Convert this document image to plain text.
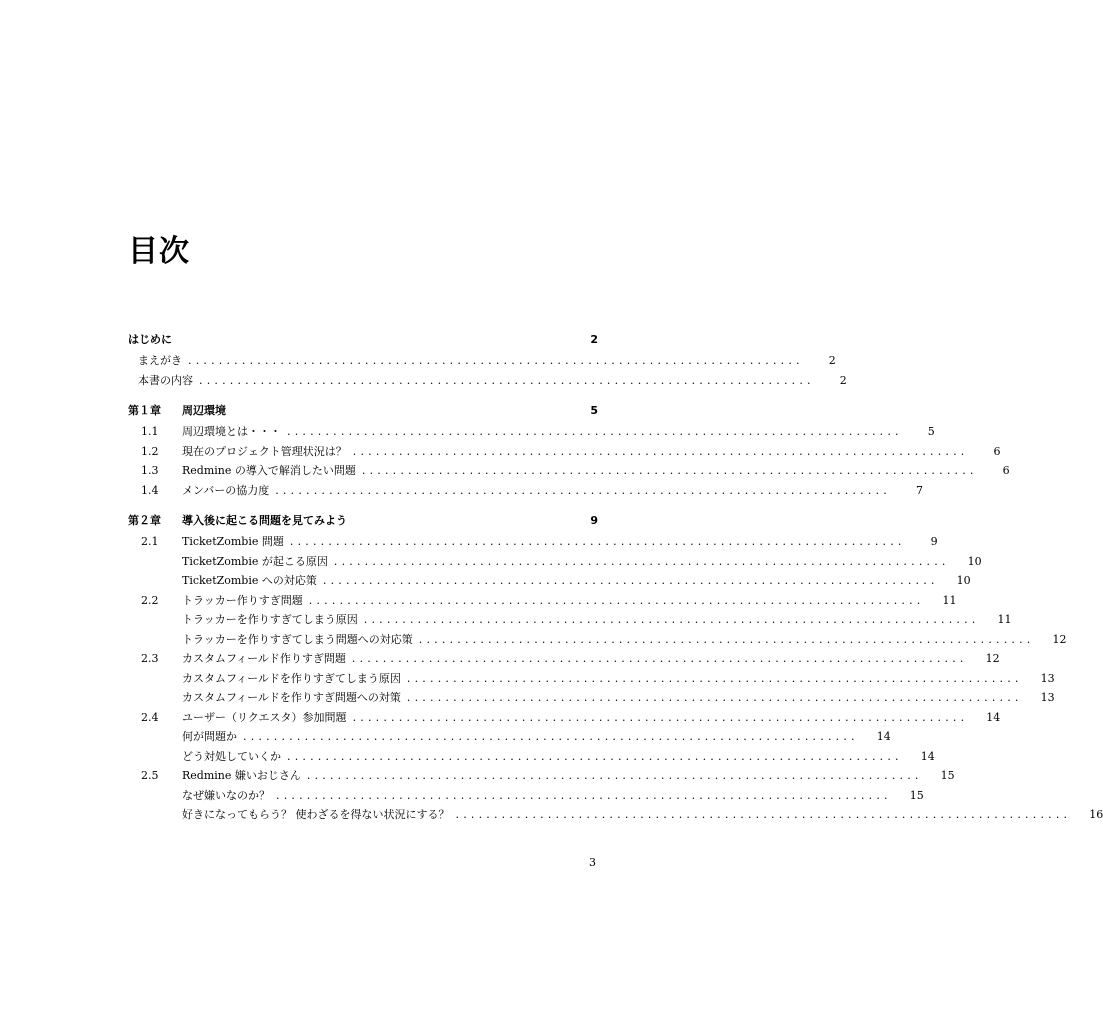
目次
はじめに	2
まえがき ................................................................................	2
本書の内容 ................................................................................	2
第１章	周辺環境	5
1.1	周辺環境とは・・・ ................................................................................	5
1.2	現在のプロジェクト管理状況は？ ................................................................................	6
1.3	Redmine の導入で解消したい問題 ................................................................................	6
1.4	メンバーの協力度 ................................................................................	7
第２章	導入後に起こる問題を見てみよう	9
2.1	TicketZombie 問題 ................................................................................	9
TicketZombie が起こる原因 ................................................................................	10
TicketZombie への対応策 ................................................................................	10
2.2	トラッカー作りすぎ問題 ................................................................................	11
トラッカーを作りすぎてしまう原因 ................................................................................	11
トラッカーを作りすぎてしまう問題への対応策 ................................................................................	12
2.3	カスタムフィールド作りすぎ問題 ................................................................................	12
カスタムフィールドを作りすぎてしまう原因 ................................................................................	13
カスタムフィールドを作りすぎ問題への対策 ................................................................................	13
2.4	ユーザー（リクエスタ）参加問題 ................................................................................	14
何が問題か ................................................................................	14
どう対処していくか ................................................................................	14
2.5	Redmine 嫌いおじさん ................................................................................	15
なぜ嫌いなのか？ ................................................................................	15
好きになってもらう？ 使わざるを得ない状況にする？ ................................................................................	16
3
